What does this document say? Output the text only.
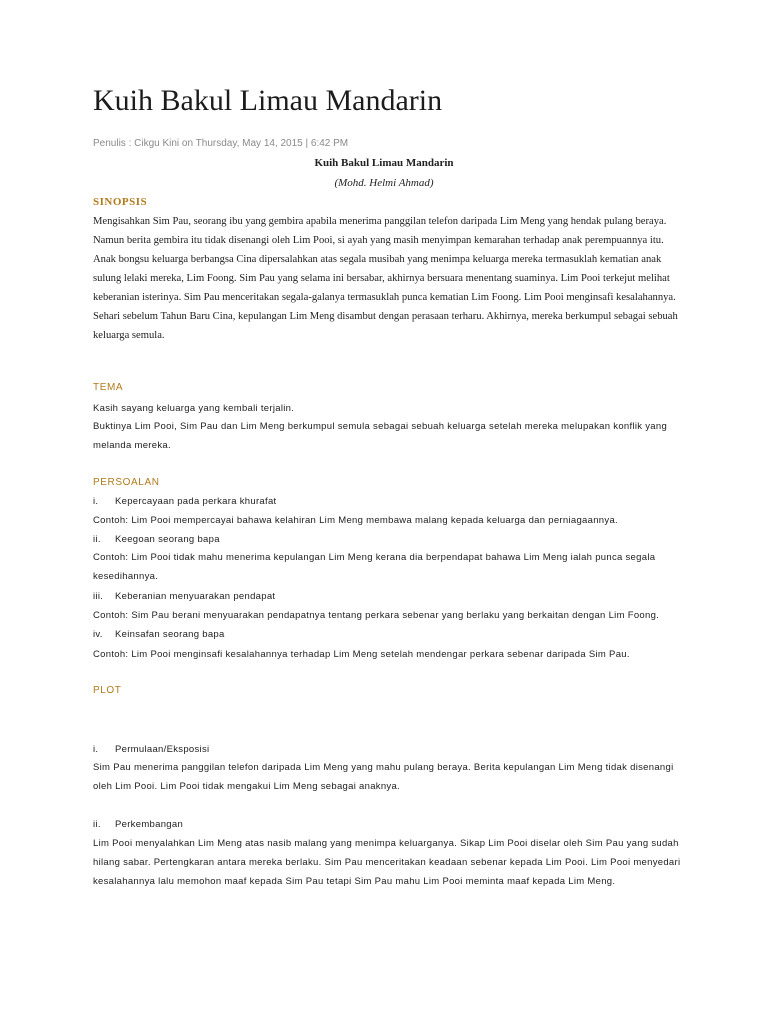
Kuih Bakul Limau Mandarin
Penulis : Cikgu Kini on Thursday, May 14, 2015 | 6:42 PM
Kuih Bakul Limau Mandarin
(Mohd. Helmi Ahmad)
SINOPSIS

Mengisahkan Sim Pau, seorang ibu yang gembira apabila menerima panggilan telefon daripada Lim Meng yang hendak pulang beraya. Namun berita gembira itu tidak disenangi oleh Lim Pooi, si ayah yang masih menyimpan kemarahan terhadap anak perempuannya itu. Anak bongsu keluarga berbangsa Cina dipersalahkan atas segala musibah yang menimpa keluarga mereka termasuklah kematian anak sulung lelaki mereka, Lim Foong. Sim Pau yang selama ini bersabar, akhirnya bersuara menentang suaminya. Lim Pooi terkejut melihat keberanian isterinya. Sim Pau menceritakan segala-galanya termasuklah punca kematian Lim Foong. Lim Pooi menginsafi kesalahannya. Sehari sebelum Tahun Baru Cina, kepulangan Lim Meng disambut dengan perasaan terharu. Akhirnya, mereka berkumpul sebagai sebuah keluarga semula.

TEMA

Kasih sayang keluarga yang kembali terjalin.

Buktinya Lim Pooi, Sim Pau dan Lim Meng berkumpul semula sebagai sebuah keluarga setelah mereka melupakan konflik yang melanda mereka.

PERSOALAN

i. Kepercayaan pada perkara khurafat

Contoh: Lim Pooi mempercayai bahawa kelahiran Lim Meng membawa malang kepada keluarga dan perniagaannya.

ii. Keegoan seorang bapa

Contoh: Lim Pooi tidak mahu menerima kepulangan Lim Meng kerana dia berpendapat bahawa Lim Meng ialah punca segala kesedihannya.

iii. Keberanian menyuarakan pendapat

Contoh: Sim Pau berani menyuarakan pendapatnya tentang perkara sebenar yang berlaku yang berkaitan dengan Lim Foong.

iv. Keinsafan seorang bapa

Contoh: Lim Pooi menginsafi kesalahannya terhadap Lim Meng setelah mendengar perkara sebenar daripada Sim Pau.

PLOT

i. Permulaan/Eksposisi

Sim Pau menerima panggilan telefon daripada Lim Meng yang mahu pulang beraya. Berita kepulangan Lim Meng tidak disenangi oleh Lim Pooi. Lim Pooi tidak mengakui Lim Meng sebagai anaknya.

ii. Perkembangan

Lim Pooi menyalahkan Lim Meng atas nasib malang yang menimpa keluarganya. Sikap Lim Pooi diselar oleh Sim Pau yang sudah hilang sabar. Pertengkaran antara mereka berlaku. Sim Pau menceritakan keadaan sebenar kepada Lim Pooi. Lim Pooi menyedari kesalahannya lalu memohon maaf kepada Sim Pau tetapi Sim Pau mahu Lim Pooi meminta maaf kepada Lim Meng.
